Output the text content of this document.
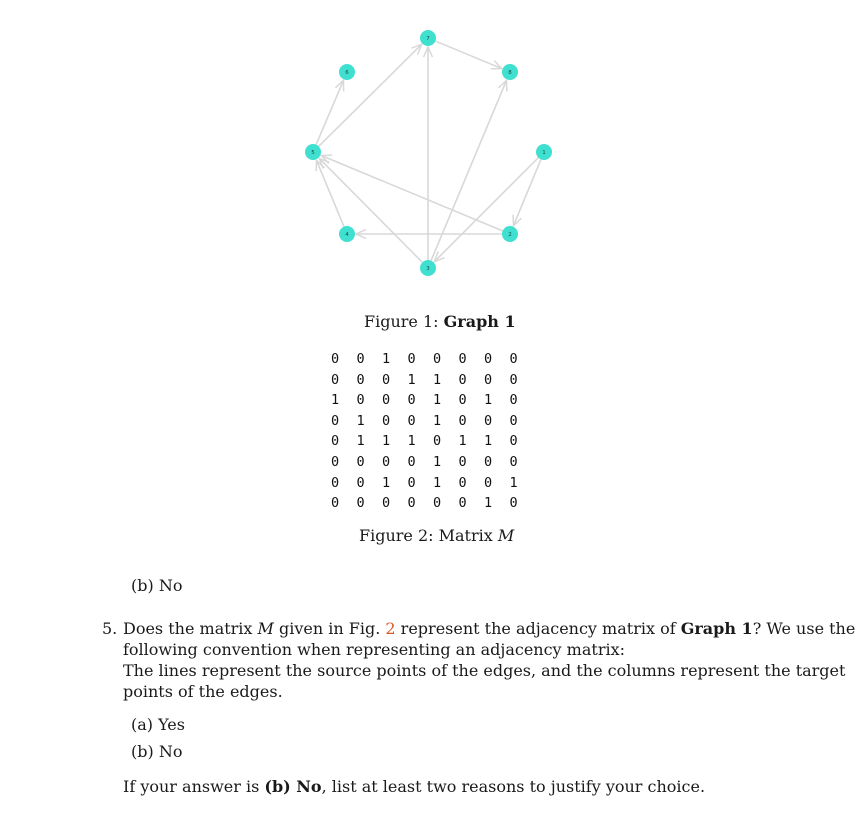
1
2
3
4
5
6
7
8
Figure 1: Graph 1
0	0	1	0	0	0	0	0
0	0	0	1	1	0	0	0
1	0	0	0	1	0	1	0
0	1	0	0	1	0	0	0
0	1	1	1	0	1	1	0
0	0	0	0	1	0	0	0
0	0	1	0	1	0	0	1
0	0	0	0	0	0	1	0
Figure 2: Matrix M
(b) No
5. Does the matrix M given in Fig. 2 represent the adjacency matrix of Graph 1? We use the
following convention when representing an adjacency matrix:
The lines represent the source points of the edges, and the columns represent the target
points of the edges.
(a) Yes
(b) No
If your answer is (b) No, list at least two reasons to justify your choice.
